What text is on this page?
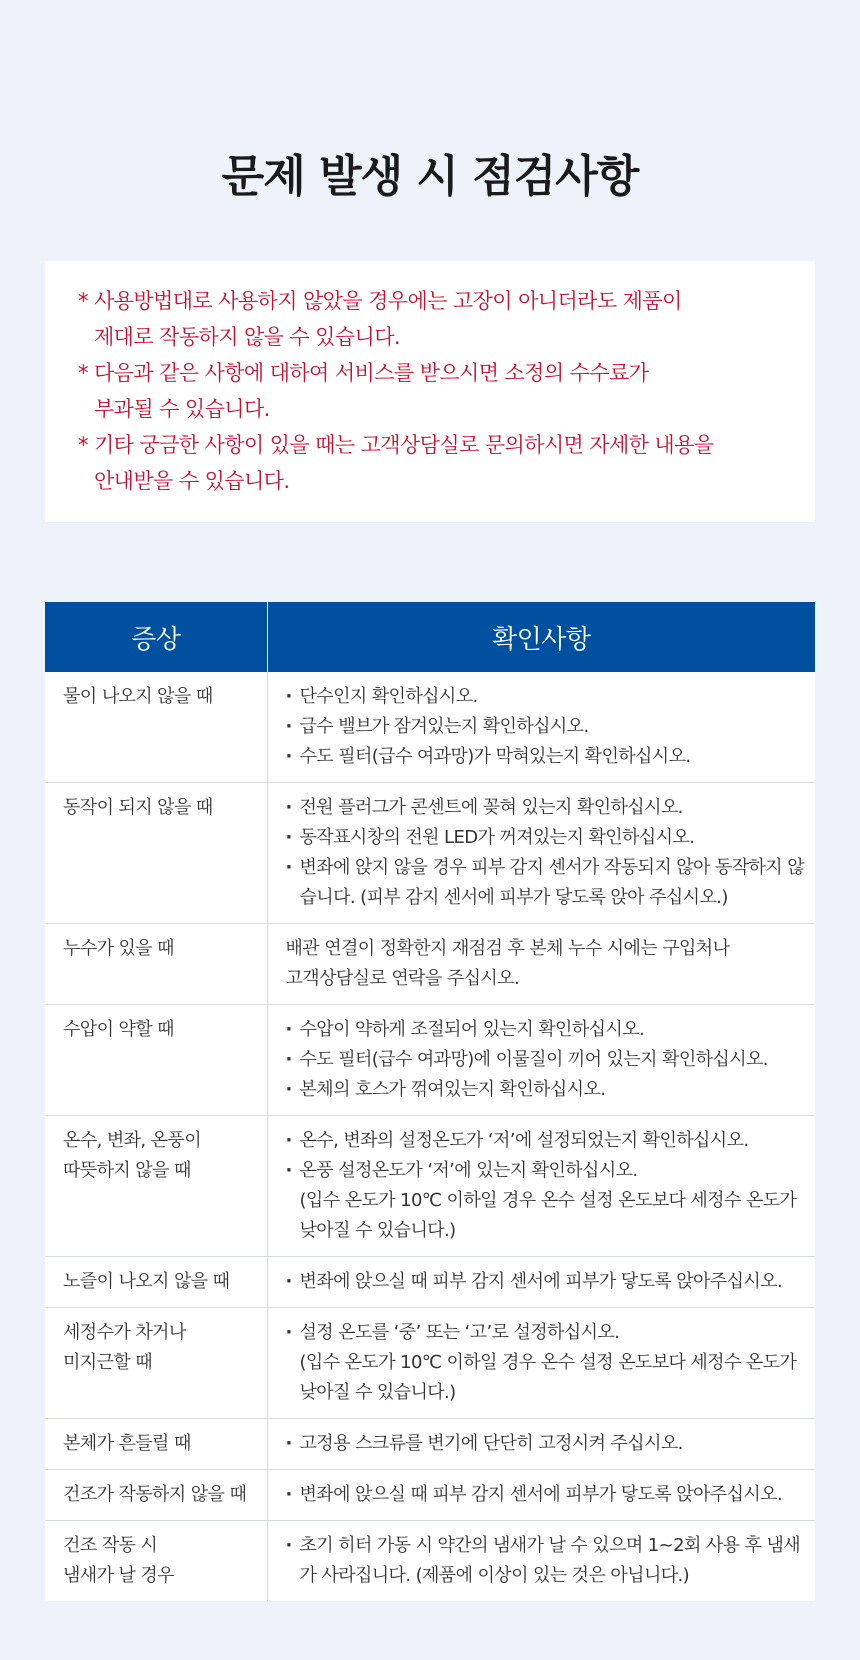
문제 발생 시 점검사항
* 사용방법대로 사용하지 않았을 경우에는 고장이 아니더라도 제품이
제대로 작동하지 않을 수 있습니다.
* 다음과 같은 사항에 대하여 서비스를 받으시면 소정의 수수료가
부과될 수 있습니다.
* 기타 궁금한 사항이 있을 때는 고객상담실로 문의하시면 자세한 내용을
안내받을 수 있습니다.
증상	확인사항

물이 나오지 않을 때	· 단수인지 확인하십시오.
· 급수 밸브가 잠겨있는지 확인하십시오.
· 수도 필터(급수 여과망)가 막혀있는지 확인하십시오.

동작이 되지 않을 때	· 전원 플러그가 콘센트에 꽂혀 있는지 확인하십시오.
· 동작표시창의 전원 LED가 꺼져있는지 확인하십시오.
· 변좌에 앉지 않을 경우 피부 감지 센서가 작동되지 않아 동작하지 않습니다. (피부 감지 센서에 피부가 닿도록 앉아 주십시오.)

누수가 있을 때	배관 연결이 정확한지 재점검 후 본체 누수 시에는 구입처나
고객상담실로 연락을 주십시오.

수압이 약할 때	· 수압이 약하게 조절되어 있는지 확인하십시오.
· 수도 필터(급수 여과망)에 이물질이 끼어 있는지 확인하십시오.
· 본체의 호스가 꺾여있는지 확인하십시오.

온수, 변좌, 온풍이
따뜻하지 않을 때	· 온수, 변좌의 설정온도가 ‘저’에 설정되었는지 확인하십시오.
· 온풍 설정온도가 ‘저’에 있는지 확인하십시오.
(입수 온도가 10℃ 이하일 경우 온수 설정 온도보다 세정수 온도가 낮아질 수 있습니다.)

노즐이 나오지 않을 때	· 변좌에 앉으실 때 피부 감지 센서에 피부가 닿도록 앉아주십시오.

세정수가 차거나
미지근할 때	· 설정 온도를 ‘중’ 또는 ‘고’로 설정하십시오.
(입수 온도가 10℃ 이하일 경우 온수 설정 온도보다 세정수 온도가 낮아질 수 있습니다.)

본체가 흔들릴 때	· 고정용 스크류를 변기에 단단히 고정시켜 주십시오.

건조가 작동하지 않을 때	· 변좌에 앉으실 때 피부 감지 센서에 피부가 닿도록 앉아주십시오.

건조 작동 시
냄새가 날 경우	· 초기 히터 가동 시 약간의 냄새가 날 수 있으며 1~2회 사용 후 냄새가 사라집니다. (제품에 이상이 있는 것은 아닙니다.)
